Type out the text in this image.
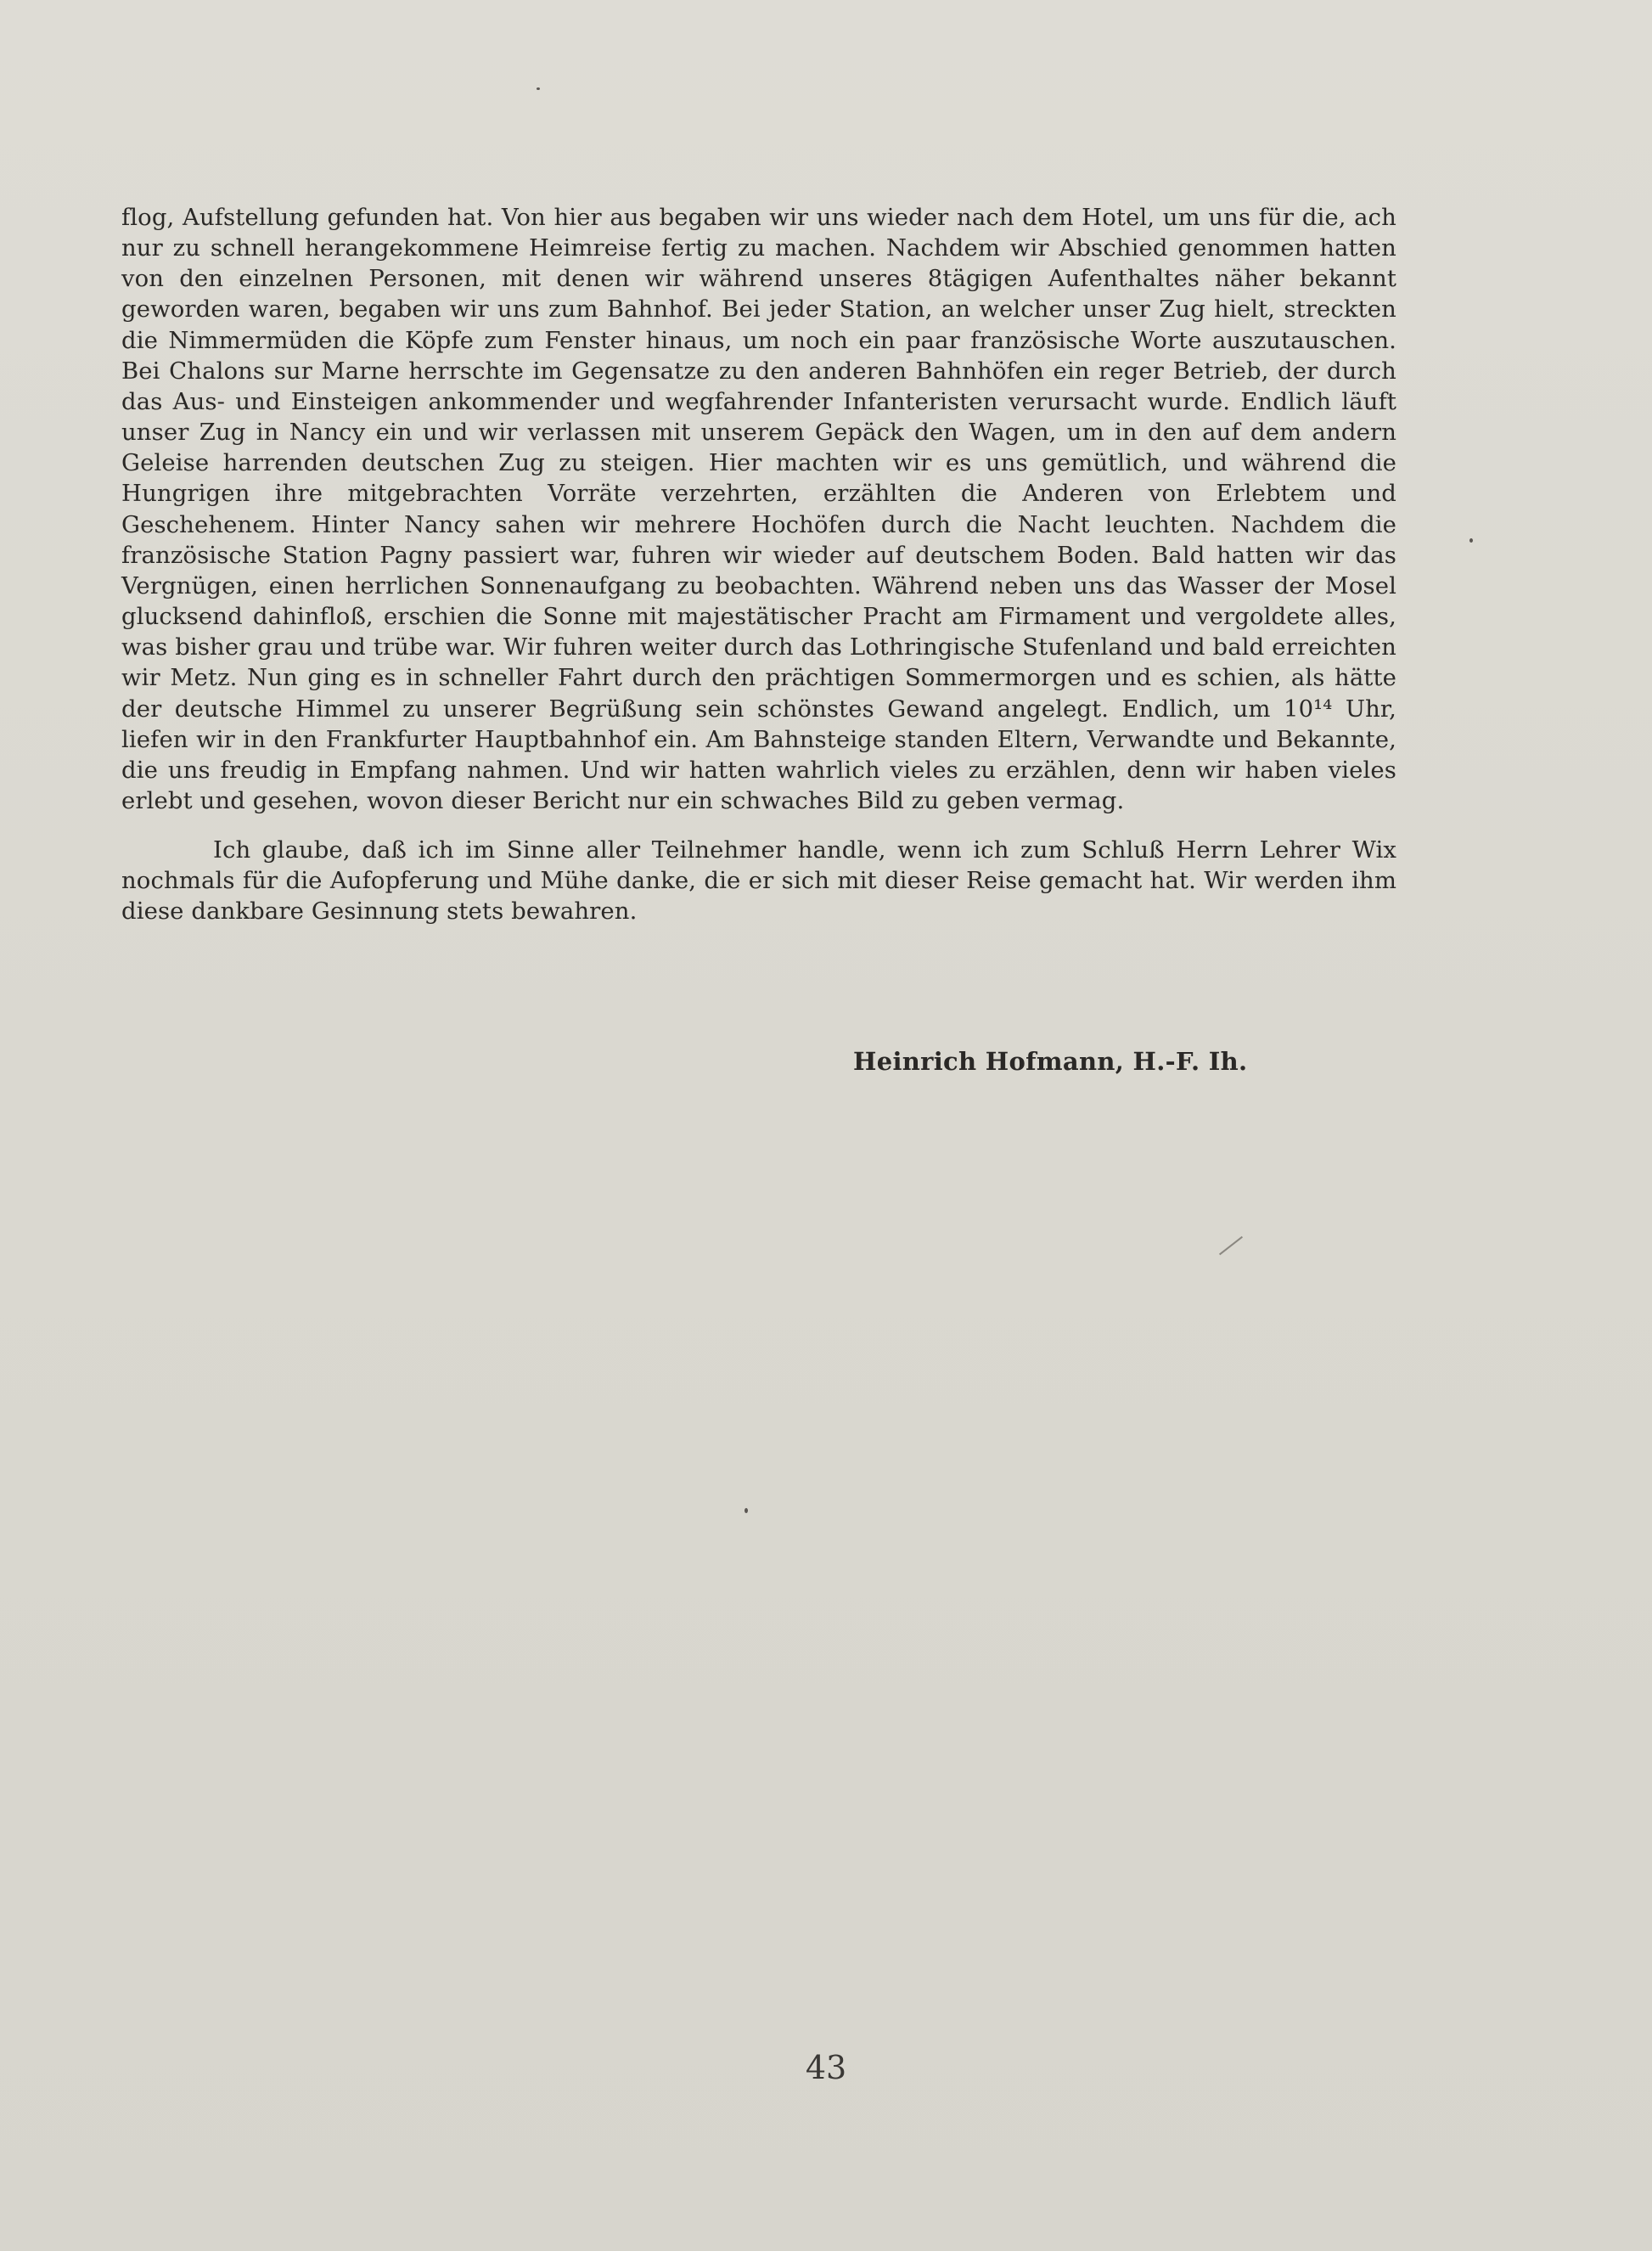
flog, Aufstellung gefunden hat. Von hier aus begaben wir uns wieder nach dem Hotel, um uns für die, ach nur zu schnell herangekommene Heimreise fertig zu machen. Nachdem wir Abschied genommen hatten von den einzelnen Personen, mit denen wir während unseres 8tägigen Aufenthaltes näher bekannt geworden waren, begaben wir uns zum Bahnhof. Bei jeder Station, an welcher unser Zug hielt, streckten die Nimmermüden die Köpfe zum Fenster hinaus, um noch ein paar französische Worte auszutauschen. Bei Chalons sur Marne herrschte im Gegensatze zu den anderen Bahnhöfen ein reger Betrieb, der durch das Aus- und Einsteigen ankommender und wegfahrender Infanteristen verursacht wurde. Endlich läuft unser Zug in Nancy ein und wir verlassen mit unserem Gepäck den Wagen, um in den auf dem andern Geleise harrenden deutschen Zug zu steigen. Hier machten wir es uns gemütlich, und während die Hungrigen ihre mitgebrachten Vorräte verzehrten, erzählten die Anderen von Erlebtem und Geschehenem. Hinter Nancy sahen wir mehrere Hochöfen durch die Nacht leuchten. Nachdem die französische Station Pagny passiert war, fuhren wir wieder auf deutschem Boden. Bald hatten wir das Vergnügen, einen herrlichen Sonnenaufgang zu beobachten. Während neben uns das Wasser der Mosel glucksend dahinfloß, erschien die Sonne mit majestätischer Pracht am Firmament und vergoldete alles, was bisher grau und trübe war. Wir fuhren weiter durch das Lothringische Stufenland und bald erreichten wir Metz. Nun ging es in schneller Fahrt durch den prächtigen Sommermorgen und es schien, als hätte der deutsche Himmel zu unserer Begrüßung sein schönstes Gewand angelegt. Endlich, um 10¹⁴ Uhr, liefen wir in den Frankfurter Hauptbahnhof ein. Am Bahnsteige standen Eltern, Verwandte und Bekannte, die uns freudig in Empfang nahmen. Und wir hatten wahrlich vieles zu erzählen, denn wir haben vieles erlebt und gesehen, wovon dieser Bericht nur ein schwaches Bild zu geben vermag.

Ich glaube, daß ich im Sinne aller Teilnehmer handle, wenn ich zum Schluß Herrn Lehrer Wix nochmals für die Aufopferung und Mühe danke, die er sich mit dieser Reise gemacht hat. Wir werden ihm diese dankbare Gesinnung stets bewahren.

Heinrich Hofmann, H.-F. Ih.
43
